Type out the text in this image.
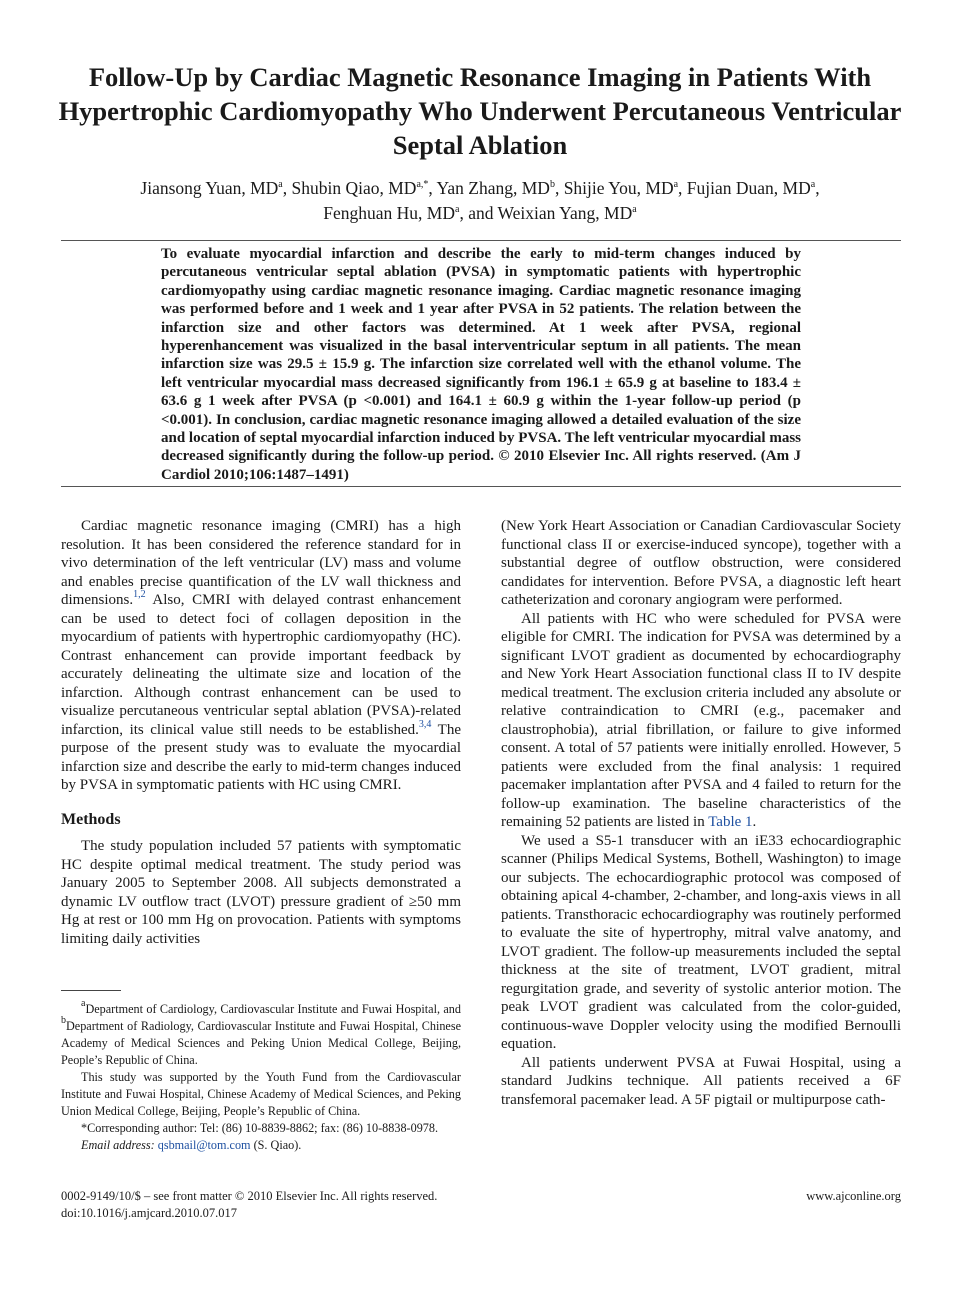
Follow-Up by Cardiac Magnetic Resonance Imaging in Patients With Hypertrophic Cardiomyopathy Who Underwent Percutaneous Ventricular Septal Ablation
Jiansong Yuan, $MD^a$, Shubin Qiao, $MD^{a,*}$, Yan Zhang, $MD^b$, Shijie You, $MD^a$, Fujian Duan, $MD^a$,
Fenghuan Hu, $MD^a$, and Weixian Yang, $MD^a$
To evaluate myocardial infarction and describe the early to mid-term changes induced by percutaneous ventricular septal ablation (PVSA) in symptomatic patients with hypertrophic cardiomyopathy using cardiac magnetic resonance imaging. Cardiac magnetic resonance imaging was performed before and 1 week and 1 year after PVSA in 52 patients. The relation between the infarction size and other factors was determined. At 1 week after PVSA, regional hyperenhancement was visualized in the basal interventricular septum in all patients. The mean infarction size was 29.5 ± 15.9 g. The infarction size correlated well with the ethanol volume. The left ventricular myocardial mass decreased significantly from 196.1 ± 65.9 g at baseline to 183.4 ± 63.6 g 1 week after PVSA (p <0.001) and 164.1 ± 60.9 g within the 1-year follow-up period (p <0.001). In conclusion, cardiac magnetic resonance imaging allowed a detailed evaluation of the size and location of septal myocardial infarction induced by PVSA. The left ventricular myocardial mass decreased significantly during the follow-up period. © 2010 Elsevier Inc. All rights reserved. (Am J Cardiol 2010;106:1487–1491)

Cardiac magnetic resonance imaging (CMRI) has a high resolution. It has been considered the reference standard for in vivo determination of the left ventricular (LV) mass and volume and enables precise quantification of the LV wall thickness and dimensions.$^{1,2}$ Also, CMRI with delayed contrast enhancement can be used to detect foci of collagen deposition in the myocardium of patients with hypertrophic cardiomyopathy (HC). Contrast enhancement can provide important feedback by accurately delineating the ultimate size and location of the infarction. Although contrast enhancement can be used to visualize percutaneous ventricular septal ablation (PVSA)-related infarction, its clinical value still needs to be established.$^{3,4}$ The purpose of the present study was to evaluate the myocardial infarction size and describe the early to mid-term changes induced by PVSA in symptomatic patients with HC using CMRI.

Methods

The study population included 57 patients with symptomatic HC despite optimal medical treatment. The study period was January 2005 to September 2008. All subjects demonstrated a dynamic LV outflow tract (LVOT) pressure gradient of ≥50 mm Hg at rest or 100 mm Hg on provocation. Patients with symptoms limiting daily activities

$^a$Department of Cardiology, Cardiovascular Institute and Fuwai Hospital, and $^b$Department of Radiology, Cardiovascular Institute and Fuwai Hospital, Chinese Academy of Medical Sciences and Peking Union Medical College, Beijing, People’s Republic of China.

This study was supported by the Youth Fund from the Cardiovascular Institute and Fuwai Hospital, Chinese Academy of Medical Sciences, and Peking Union Medical College, Beijing, People’s Republic of China.

*Corresponding author: Tel: (86) 10-8839-8862; fax: (86) 10-8838-0978.

Email address: qsbmail@tom.com (S. Qiao).

(New York Heart Association or Canadian Cardiovascular Society functional class II or exercise-induced syncope), together with a substantial degree of outflow obstruction, were considered candidates for intervention. Before PVSA, a diagnostic left heart catheterization and coronary angiogram were performed.

All patients with HC who were scheduled for PVSA were eligible for CMRI. The indication for PVSA was determined by a significant LVOT gradient as documented by echocardiography and New York Heart Association functional class II to IV despite medical treatment. The exclusion criteria included any absolute or relative contraindication to CMRI (e.g., pacemaker and claustrophobia), atrial fibrillation, or failure to give informed consent. A total of 57 patients were initially enrolled. However, 5 patients were excluded from the final analysis: 1 required pacemaker implantation after PVSA and 4 failed to return for the follow-up examination. The baseline characteristics of the remaining 52 patients are listed in Table 1.

We used a S5-1 transducer with an iE33 echocardiographic scanner (Philips Medical Systems, Bothell, Washington) to image our subjects. The echocardiographic protocol was composed of obtaining apical 4-chamber, 2-chamber, and long-axis views in all patients. Transthoracic echocardiography was routinely performed to evaluate the site of hypertrophy, mitral valve anatomy, and LVOT gradient. The follow-up measurements included the septal thickness at the site of treatment, LVOT gradient, mitral regurgitation grade, and severity of systolic anterior motion. The peak LVOT gradient was calculated from the color-guided, continuous-wave Doppler velocity using the modified Bernoulli equation.

All patients underwent PVSA at Fuwai Hospital, using a standard Judkins technique. All patients received a 6F transfemoral pacemaker lead. A 5F pigtail or multipurpose cath-

0002-9149/10/$ – see front matter © 2010 Elsevier Inc. All rights reserved.
doi:10.1016/j.amjcard.2010.07.017
www.ajconline.org
